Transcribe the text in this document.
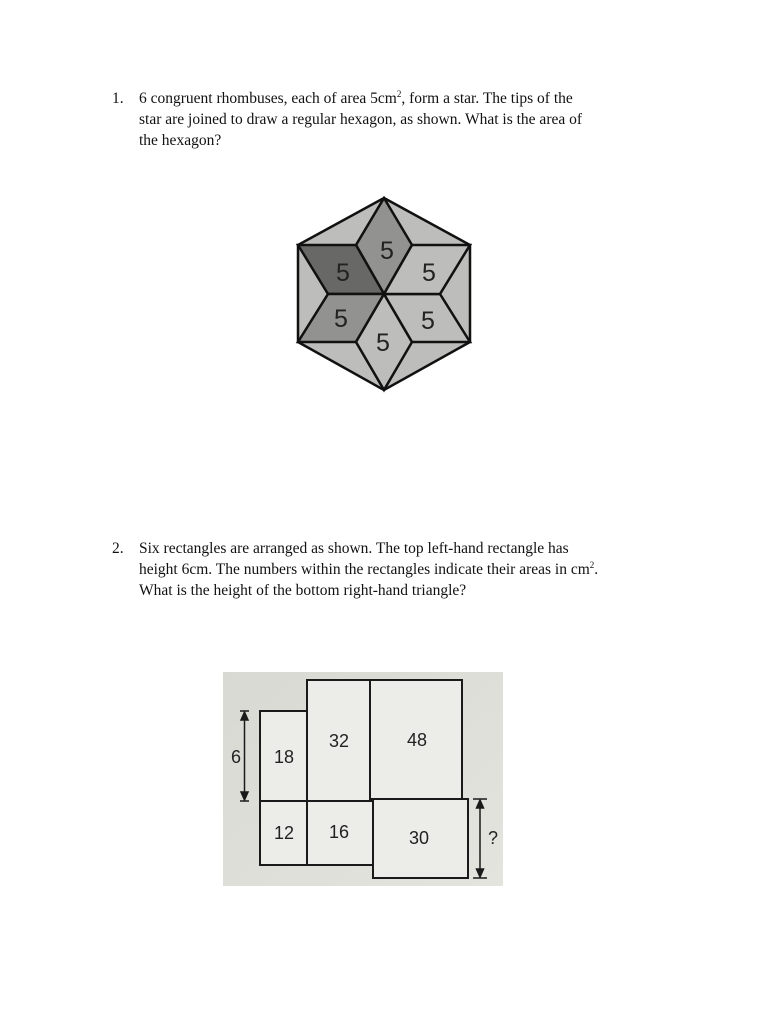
1. 6 congruent rhombuses, each of area $5cm^2$, form a star. The tips of the
star are joined to draw a regular hexagon, as shown. What is the area of
the hexagon?
5
5	5
5	5
5
2. Six rectangles are arranged as shown. The top left-hand rectangle has
height 6cm. The numbers within the rectangles indicate their areas in $cm^2$.
What is the height of the bottom right-hand triangle?
6 18
32	48
12 16	30	?
